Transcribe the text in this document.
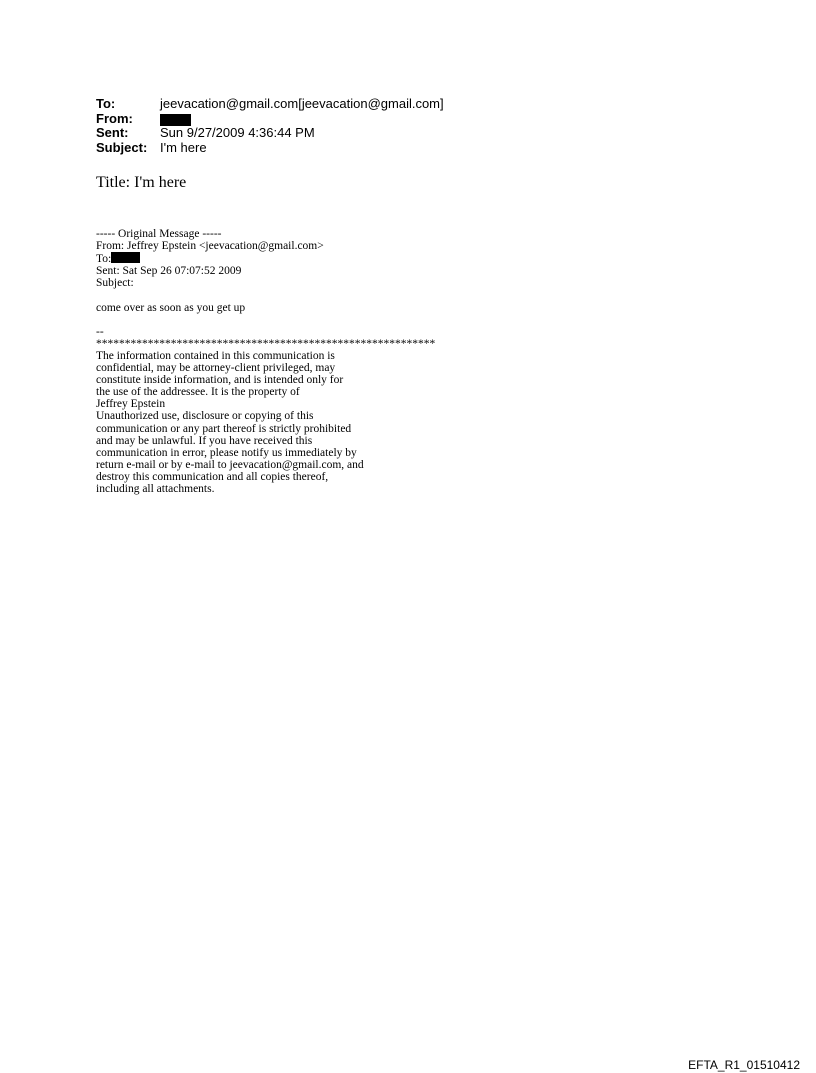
To:	jeevacation@gmail.com[jeevacation@gmail.com]
From:
Sent:	Sun 9/27/2009 4:36:44 PM
Subject: I'm here
Title: I'm here
----- Original Message -----
From: Jeffrey Epstein <jeevacation@gmail.com>
To:
Sent: Sat Sep 26 07:07:52 2009
Subject:
come over as soon as you get up
--
***********************************************************
The information contained in this communication is
confidential, may be attorney-client privileged, may
constitute inside information, and is intended only for
the use of the addressee. It is the property of
Jeffrey Epstein
Unauthorized use, disclosure or copying of this
communication or any part thereof is strictly prohibited
and may be unlawful. If you have received this
communication in error, please notify us immediately by
return e-mail or by e-mail to jeevacation@gmail.com, and
destroy this communication and all copies thereof,
including all attachments.
EFTA_R1_01510412
